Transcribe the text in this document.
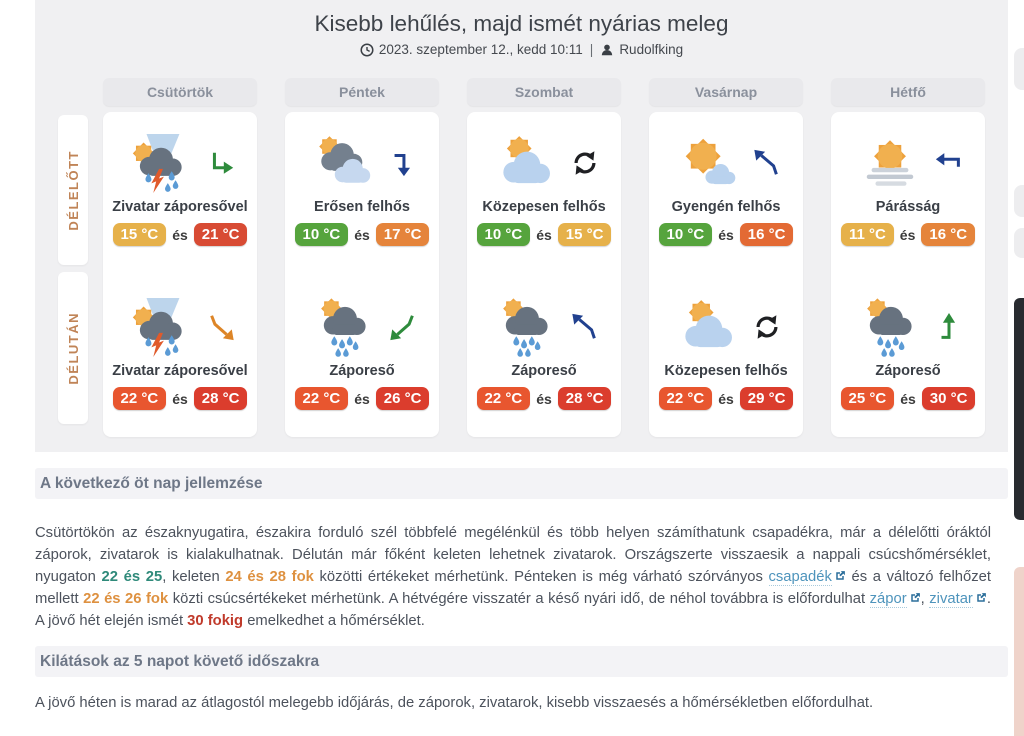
Kisebb lehűlés, majd ismét nyárias meleg
2023. szeptember 12., kedd 10:11 | Rudolfking
DÉLELŐTT
DÉLUTÁN
Csütörtök
Zivatar záporesővel
15 °C	és 21 °C
Zivatar záporesővel
22 °C	és 28 °C
Péntek
Erősen felhős
10 °C	és 17 °C
Záporeső
22 °C	és 26 °C
Szombat
Közepesen felhős
10 °C	és 15 °C
Záporeső
22 °C	és 28 °C
Vasárnap
Gyengén felhős
10 °C	és 16 °C
Közepesen felhős
22 °C	és 29 °C
Hétfő
Párásság
11 °C	és 16 °C
Záporeső
25 °C	és 30 °C
A következő öt nap jellemzése
Csütörtökön az északnyugatira, északira forduló szél többfelé megélénkül és több helyen számíthatunk csapadékra, már a délelőtti óráktól záporok, zivatarok is kialakulhatnak. Délután már főként keleten lehetnek zivatarok. Országszerte visszaesik a nappali csúcshőmérséklet, nyugaton 22 és 25, keleten 24 és 28 fok közötti értékeket mérhetünk. Pénteken is még várható szórványos csapadék és a változó felhőzet mellett 22 és 26 fok közti csúcsértékeket mérhetünk. A hétvégére visszatér a késő nyári idő, de néhol továbbra is előfordulhat zápor , zivatar . A jövő hét elején ismét 30 fokig emelkedhet a hőmérséklet.
Kilátások az 5 napot követő időszakra
A jövő héten is marad az átlagostól melegebb időjárás, de záporok, zivatarok, kisebb visszaesés a hőmérsékletben előfordulhat.
